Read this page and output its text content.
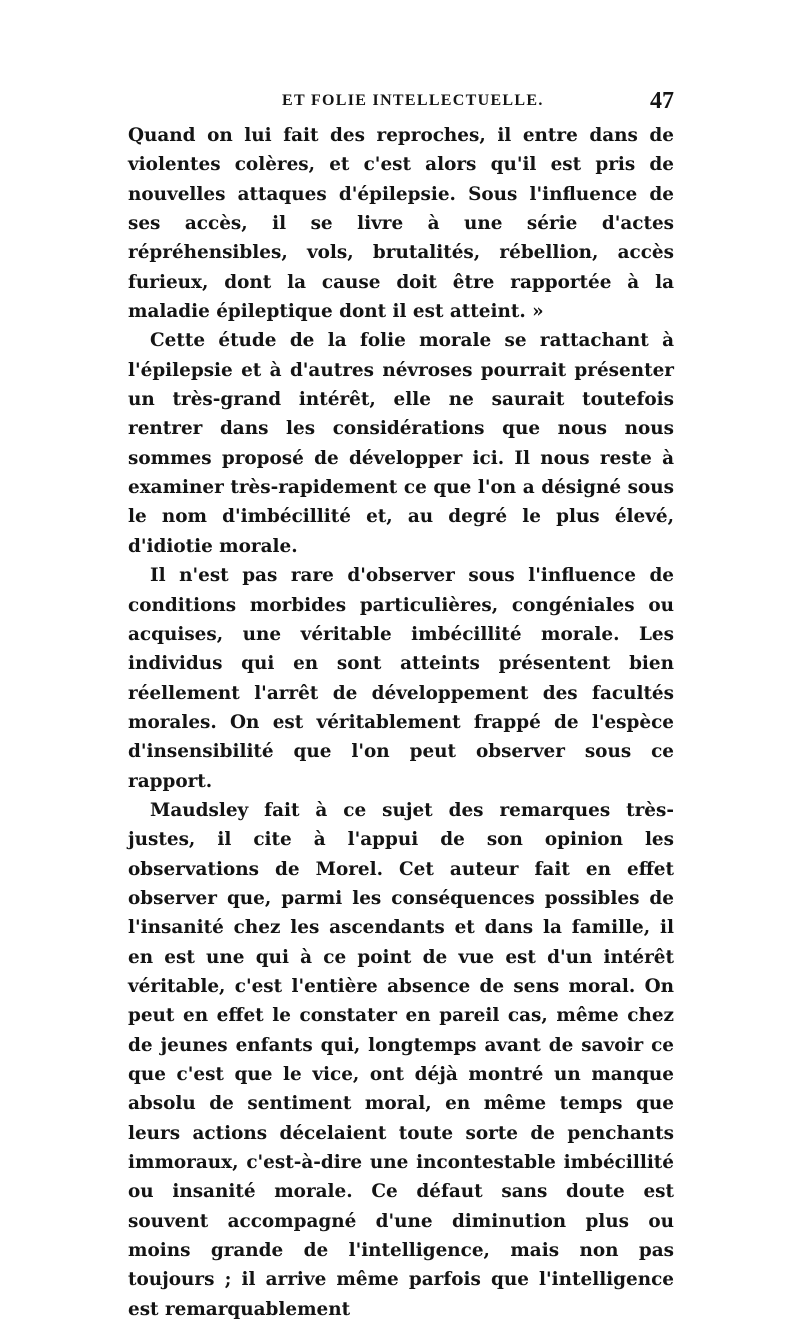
ET FOLIE INTELLECTUELLE.	47

Quand on lui fait des reproches, il entre dans de violentes colères, et c'est alors qu'il est pris de nouvelles attaques d'épilepsie. Sous l'influence de ses accès, il se livre à une série d'actes répréhensibles, vols, brutalités, rébellion, accès furieux, dont la cause doit être rapportée à la maladie épileptique dont il est atteint. »

Cette étude de la folie morale se rattachant à l'épilepsie et à d'autres névroses pourrait présenter un très-grand intérêt, elle ne saurait toutefois rentrer dans les considérations que nous nous sommes proposé de développer ici. Il nous reste à examiner très-rapidement ce que l'on a désigné sous le nom d'imbécillité et, au degré le plus élevé, d'idiotie morale.

Il n'est pas rare d'observer sous l'influence de conditions morbides particulières, congéniales ou acquises, une véritable imbécillité morale. Les individus qui en sont atteints présentent bien réellement l'arrêt de développement des facultés morales. On est véritablement frappé de l'espèce d'insensibilité que l'on peut observer sous ce rapport.

Maudsley fait à ce sujet des remarques très-justes, il cite à l'appui de son opinion les observations de Morel. Cet auteur fait en effet observer que, parmi les conséquences possibles de l'insanité chez les ascendants et dans la famille, il en est une qui à ce point de vue est d'un intérêt véritable, c'est l'entière absence de sens moral. On peut en effet le constater en pareil cas, même chez de jeunes enfants qui, longtemps avant de savoir ce que c'est que le vice, ont déjà montré un manque absolu de sentiment moral, en même temps que leurs actions décelaient toute sorte de penchants immoraux, c'est-à-dire une incontestable imbécillité ou insanité morale. Ce défaut sans doute est souvent accompagné d'une diminution plus ou moins grande de l'intelligence, mais non pas toujours ; il arrive même parfois que l'intelligence est remarquablement
